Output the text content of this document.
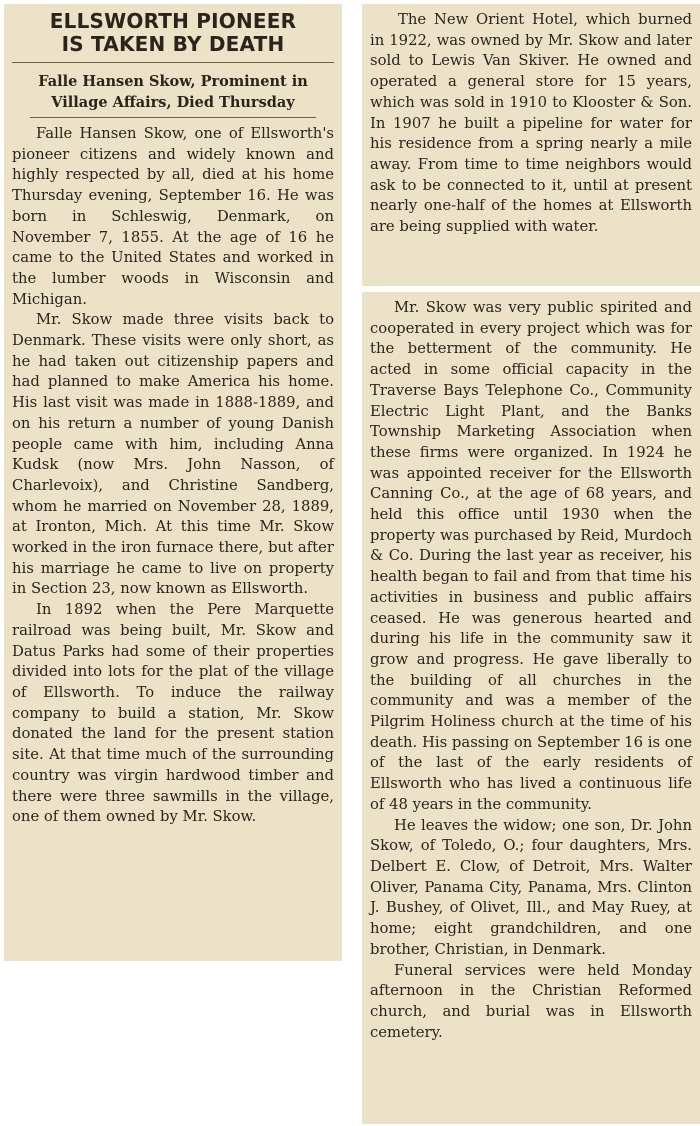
ELLSWORTH PIONEER
IS TAKEN BY DEATH
Falle Hansen Skow, Prominent in
Village Affairs, Died Thursday

Falle Hansen Skow, one of Ellsworth's pioneer citizens and widely known and highly respected by all, died at his home Thursday evening, September 16. He was born in Schleswig, Denmark, on November 7, 1855. At the age of 16 he came to the United States and worked in the lumber woods in Wisconsin and Michigan.

Mr. Skow made three visits back to Denmark. These visits were only short, as he had taken out citizenship papers and had planned to make America his home. His last visit was made in 1888-1889, and on his return a number of young Danish people came with him, including Anna Kudsk (now Mrs. John Nasson, of Charlevoix), and Christine Sandberg, whom he married on November 28, 1889, at Ironton, Mich. At this time Mr. Skow worked in the iron furnace there, but after his marriage he came to live on property in Section 23, now known as Ellsworth.

In 1892 when the Pere Marquette railroad was being built, Mr. Skow and Datus Parks had some of their properties divided into lots for the plat of the village of Ellsworth. To induce the railway company to build a station, Mr. Skow donated the land for the present station site. At that time much of the surrounding country was virgin hardwood timber and there were three sawmills in the village, one of them owned by Mr. Skow.

The New Orient Hotel, which burned in 1922, was owned by Mr. Skow and later sold to Lewis Van Skiver. He owned and operated a general store for 15 years, which was sold in 1910 to Klooster & Son. In 1907 he built a pipeline for water for his residence from a spring nearly a mile away. From time to time neighbors would ask to be connected to it, until at present nearly one-half of the homes at Ellsworth are being supplied with water.

Mr. Skow was very public spirited and cooperated in every project which was for the betterment of the community. He acted in some official capacity in the Traverse Bays Telephone Co., Community Electric Light Plant, and the Banks Township Marketing Association when these firms were organized. In 1924 he was appointed receiver for the Ellsworth Canning Co., at the age of 68 years, and held this office until 1930 when the property was purchased by Reid, Murdoch & Co. During the last year as receiver, his health began to fail and from that time his activities in business and public affairs ceased. He was generous hearted and during his life in the community saw it grow and progress. He gave liberally to the building of all churches in the community and was a member of the Pilgrim Holiness church at the time of his death. His passing on September 16 is one of the last of the early residents of Ellsworth who has lived a continuous life of 48 years in the community.

He leaves the widow; one son, Dr. John Skow, of Toledo, O.; four daughters, Mrs. Delbert E. Clow, of Detroit, Mrs. Walter Oliver, Panama City, Panama, Mrs. Clinton J. Bushey, of Olivet, Ill., and May Ruey, at home; eight grandchildren, and one brother, Christian, in Denmark.

Funeral services were held Monday afternoon in the Christian Reformed church, and burial was in Ellsworth cemetery.
